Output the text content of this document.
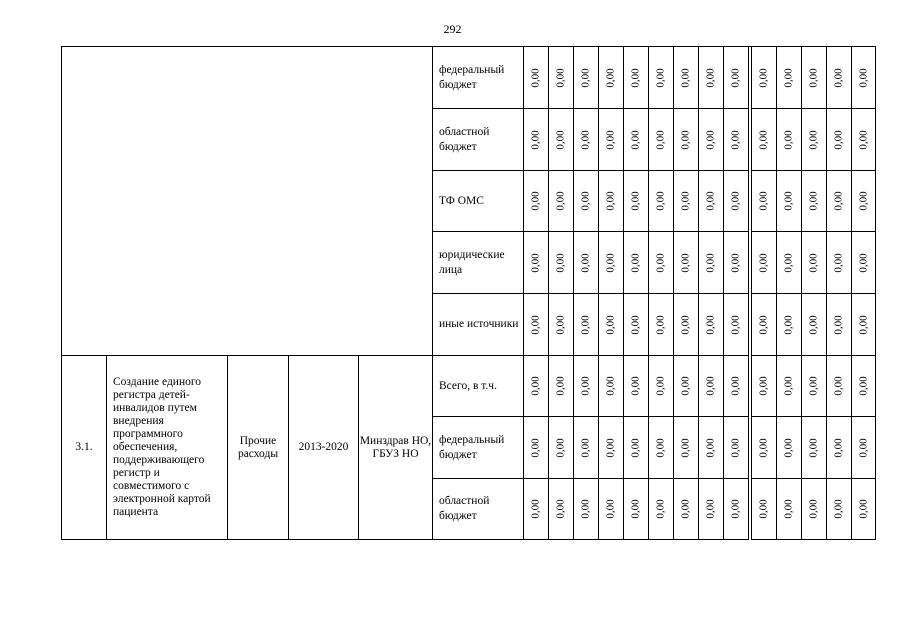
292
федеральный бюджет
областной бюджет
ТФ ОМС
юридические лица
иные источники
3.1.
Создание единого регистра детей-инвалидов путем внедрения программного обеспечения, поддерживающего регистр и совместимого с электронной картой пациента
Прочие расходы
2013-2020
Минздрав НО, ГБУЗ НО
Всего, в т.ч.
федеральный бюджет
областной бюджет
0,00 0,00 0,00 0,00 0,00 0,00 0,00 0,00 0,00
0,00 0,00 0,00 0,00 0,00 0,00 0,00 0,00 0,00
0,00 0,00 0,00 0,00 0,00 0,00 0,00 0,00 0,00
0,00 0,00 0,00 0,00 0,00 0,00 0,00 0,00 0,00
0,00 0,00 0,00 0,00 0,00 0,00 0,00 0,00 0,00
0,00 0,00 0,00 0,00 0,00 0,00 0,00 0,00 0,00
0,00 0,00 0,00 0,00 0,00 0,00 0,00 0,00 0,00
0,00 0,00 0,00 0,00 0,00 0,00 0,00 0,00 0,00
0,00 0,00 0,00 0,00 0,00
0,00 0,00 0,00 0,00 0,00
0,00 0,00 0,00 0,00 0,00
0,00 0,00 0,00 0,00 0,00
0,00 0,00 0,00 0,00 0,00
0,00 0,00 0,00 0,00 0,00
0,00 0,00 0,00 0,00 0,00
0,00 0,00 0,00 0,00 0,00
